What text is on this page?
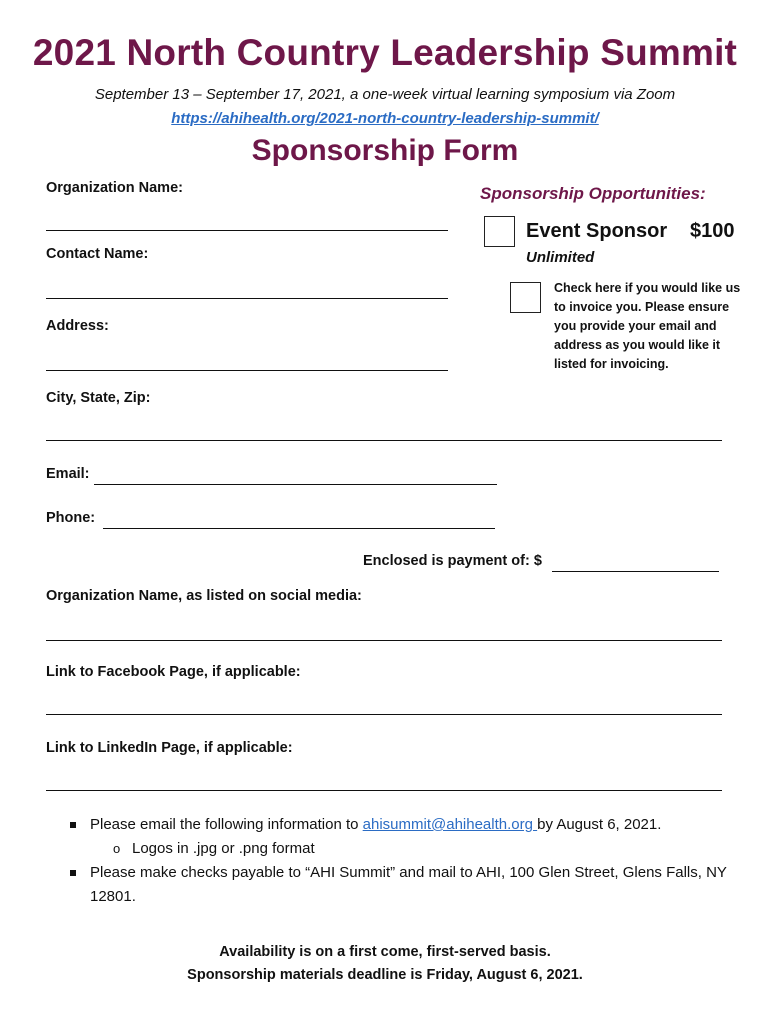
2021 North Country Leadership Summit
September 13 – September 17, 2021, a one-week virtual learning symposium via Zoom
https://ahihealth.org/2021-north-country-leadership-summit/
Sponsorship Form
Organization Name:
Contact Name:
Address:
City, State, Zip:
Email:
Phone:
Enclosed is payment of: $
Organization Name, as listed on social media:
Link to Facebook Page, if applicable:
Link to LinkedIn Page, if applicable:
Sponsorship Opportunities:
Event Sponsor $100
Unlimited
Check here if you would like us to invoice you. Please ensure you provide your email and address as you would like it listed for invoicing.
Please email the following information to ahisummit@ahihealth.org by August 6, 2021.
o Logos in .jpg or .png format
Please make checks payable to “AHI Summit” and mail to AHI, 100 Glen Street, Glens Falls, NY 12801.
Availability is on a first come, first-served basis.
Sponsorship materials deadline is Friday, August 6, 2021.
